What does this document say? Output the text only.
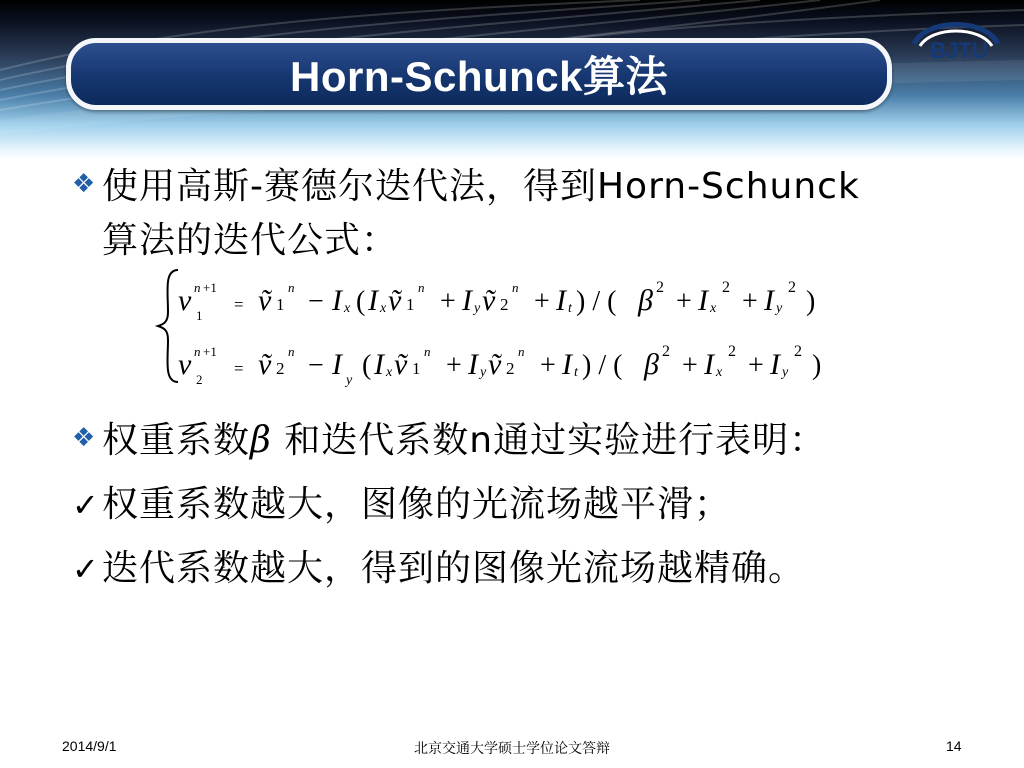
BJTU
Horn-Schunck算法
❖ 使用高斯-赛德尔迭代法，得到Horn-Schunck
算法的迭代公式：
v n +1
1
= ṽ 1
n − I x ( I x ṽ 1
n + I y ṽ 2
n + I t ) / ( β 2 + I x
2 + I y
2 )
v n +1
2
= ṽ 2
n − I y ( I x ṽ 1
n + I y ṽ 2
n + I t ) / ( β 2 + I x
2 + I y
2 )
❖ 权重系数β 和迭代系数n通过实验进行表明：
✓权重系数越大，图像的光流场越平滑；
✓迭代系数越大，得到的图像光流场越精确。
2014/9/1	北京交通大学硕士学位论文答辩	14
